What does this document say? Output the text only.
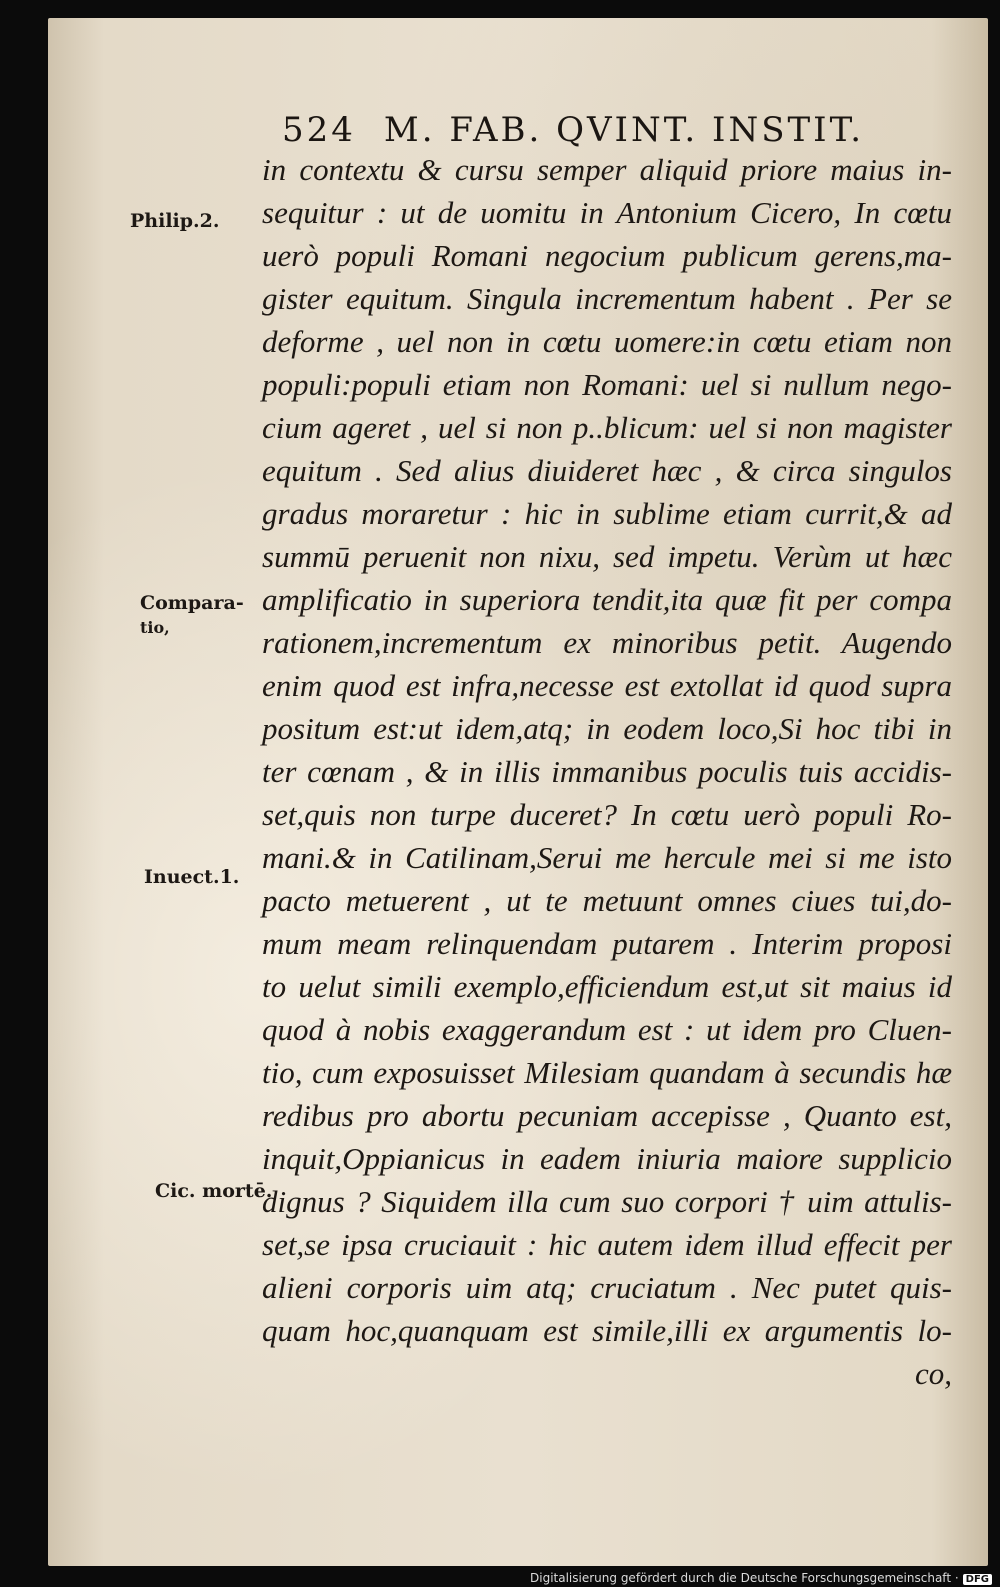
524 M. FAB. QVINT. INSTIT.
in contextu & cursu semper aliquid priore maius in-
sequitur : ut de uomitu in Antonium Cicero, In cœtu
uerò populi Romani negocium publicum gerens,ma-
gister equitum. Singula incrementum habent . Per se
deforme , uel non in cœtu uomere:in cœtu etiam non
populi:populi etiam non Romani: uel si nullum nego-
cium ageret , uel si non p..blicum: uel si non magister
equitum . Sed alius diuideret hæc , & circa singulos
gradus moraretur : hic in sublime etiam currit,& ad
summū peruenit non nixu, sed impetu. Verùm ut hæc
amplificatio in superiora tendit,ita quæ fit per compa
rationem,incrementum ex minoribus petit. Augendo
enim quod est infra,necesse est extollat id quod supra
positum est:ut idem,atq; in eodem loco,Si hoc tibi in
ter cœnam , & in illis immanibus poculis tuis accidis-
set,quis non turpe duceret? In cœtu uerò populi Ro-
mani.& in Catilinam,Serui me hercule mei si me isto
pacto metuerent , ut te metuunt omnes ciues tui,do-
mum meam relinquendam putarem . Interim proposi
to uelut simili exemplo,efficiendum est,ut sit maius id
quod à nobis exaggerandum est : ut idem pro Cluen-
tio, cum exposuisset Milesiam quandam à secundis hæ
redibus pro abortu pecuniam accepisse , Quanto est,
inquit,Oppianicus in eadem iniuria maiore supplicio
dignus ? Siquidem illa cum suo corpori † uim attulis-
set,se ipsa cruciauit : hic autem idem illud effecit per
alieni corporis uim atq; cruciatum . Nec putet quis-
quam hoc,quanquam est simile,illi ex argumentis lo-
co,
Philip.2.
Compara-
tio,
Inuect.1.
Cic. mortē.
Digitalisierung gefördert durch die Deutsche Forschungsgemeinschaft · DFG
